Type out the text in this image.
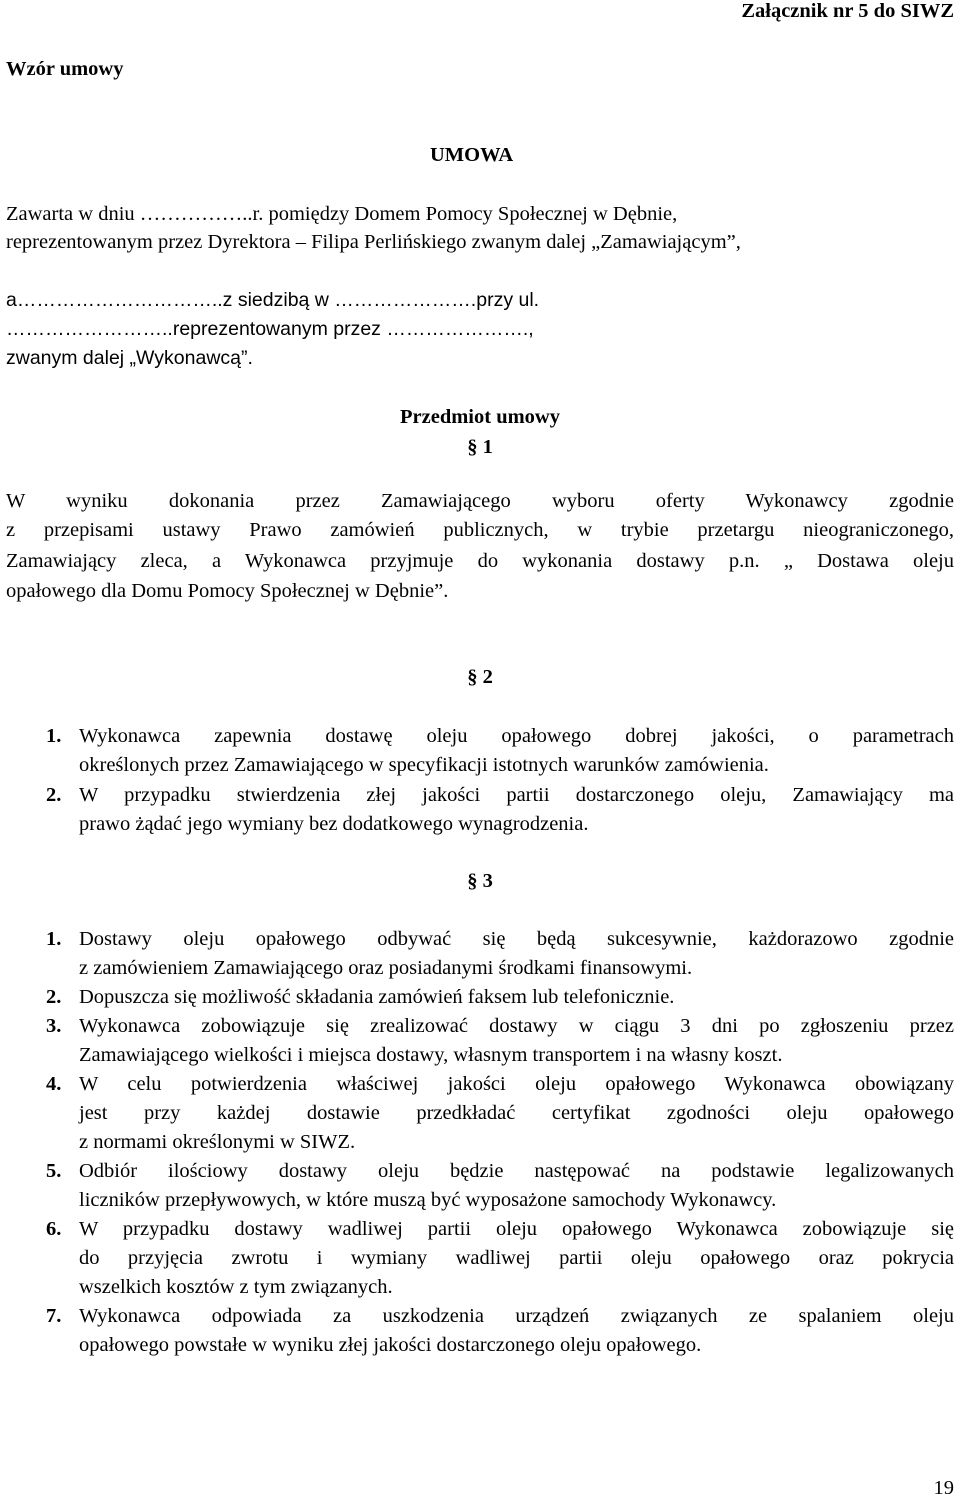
Załącznik nr 5 do SIWZ
Wzór umowy
UMOWA
Zawarta w dniu ……………..r. pomiędzy Domem Pomocy Społecznej w Dębnie,
reprezentowanym przez Dyrektora – Filipa Perlińskiego zwanym dalej „Zamawiającym”,
a…………………………..z siedzibą w ………………….przy ul.
……………………..reprezentowanym przez ………………….,
zwanym dalej „Wykonawcą”.
Przedmiot umowy
§ 1
W wyniku dokonania przez Zamawiającego wyboru oferty Wykonawcy zgodnie
z przepisami ustawy Prawo zamówień publicznych, w trybie przetargu nieograniczonego,
Zamawiający zleca, a Wykonawca przyjmuje do wykonania dostawy p.n. „ Dostawa oleju
opałowego dla Domu Pomocy Społecznej w Dębnie”.
§ 2
1. Wykonawca zapewnia dostawę oleju opałowego dobrej jakości, o parametrach
określonych przez Zamawiającego w specyfikacji istotnych warunków zamówienia.
2. W przypadku stwierdzenia złej jakości partii dostarczonego oleju, Zamawiający ma
prawo żądać jego wymiany bez dodatkowego wynagrodzenia.
§ 3
1. Dostawy oleju opałowego odbywać się będą sukcesywnie, każdorazowo zgodnie
z zamówieniem Zamawiającego oraz posiadanymi środkami finansowymi.
2. Dopuszcza się możliwość składania zamówień faksem lub telefonicznie.
3. Wykonawca zobowiązuje się zrealizować dostawy w ciągu 3 dni po zgłoszeniu przez
Zamawiającego wielkości i miejsca dostawy, własnym transportem i na własny koszt.
4. W celu potwierdzenia właściwej jakości oleju opałowego Wykonawca obowiązany
jest przy każdej dostawie przedkładać certyfikat zgodności oleju opałowego
z normami określonymi w SIWZ.
5. Odbiór ilościowy dostawy oleju będzie następować na podstawie legalizowanych
liczników przepływowych, w które muszą być wyposażone samochody Wykonawcy.
6. W przypadku dostawy wadliwej partii oleju opałowego Wykonawca zobowiązuje się
do przyjęcia zwrotu i wymiany wadliwej partii oleju opałowego oraz pokrycia
wszelkich kosztów z tym związanych.
7. Wykonawca odpowiada za uszkodzenia urządzeń związanych ze spalaniem oleju
opałowego powstałe w wyniku złej jakości dostarczonego oleju opałowego.
19
